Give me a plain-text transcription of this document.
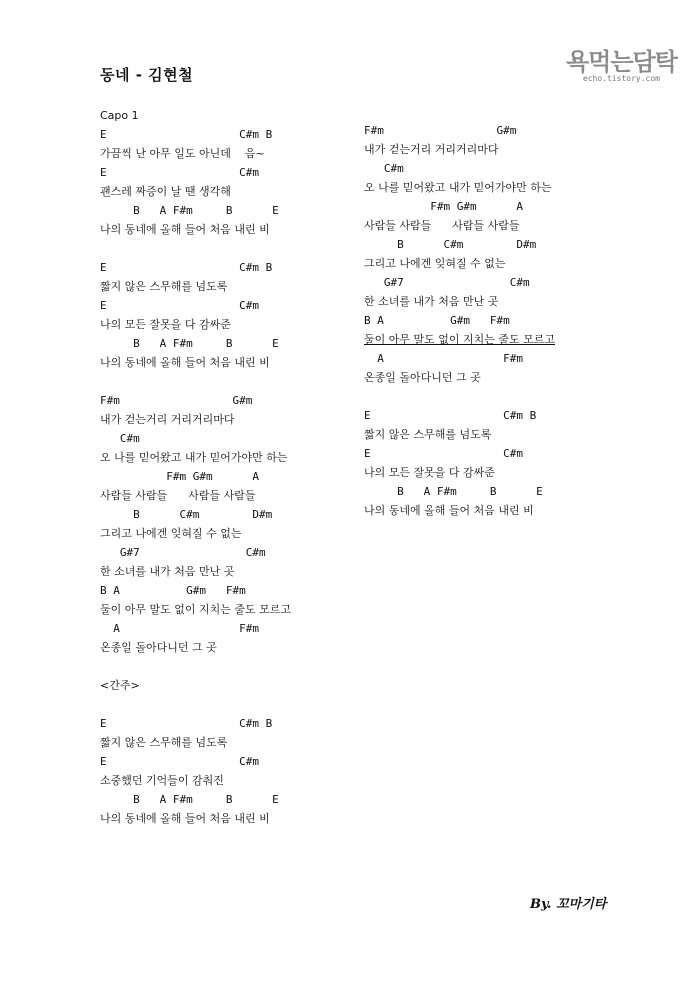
동네 - 김현철	욕먹는담탁
echo.tistory.com
Capo 1
E                    C#m B
가끔씩 난 아무 일도 아닌데    음~
E                    C#m
괜스레 짜증이 날 땐 생각해
B   A F#m     B      E
나의 동네에 올해 들어 처음 내린 비
E                    C#m B
짧지 않은 스무해를 넘도록
E                    C#m
나의 모든 잘못을 다 감싸준
B   A F#m     B      E
나의 동네에 올해 들어 처음 내린 비
F#m                 G#m
내가 걷는거리 거리거리마다
C#m
오 나를 믿어왔고 내가 믿어가야만 하는
F#m G#m      A
사람들 사람들      사람들 사람들
B      C#m        D#m
그리고 나에겐 잊혀질 수 없는
G#7                C#m
한 소녀를 내가 처음 만난 곳
B A          G#m   F#m
둘이 아무 말도 없이 지치는 줄도 모르고
A                  F#m
온종일 돌아다니던 그 곳
<간주>
E                    C#m B
짧지 않은 스무해를 넘도록
E                    C#m
소중했던 기억들이 감춰진
B   A F#m     B      E
나의 동네에 올해 들어 처음 내린 비
F#m                 G#m
내가 걷는거리 거리거리마다
C#m
오 나를 믿어왔고 내가 믿어가야만 하는
F#m G#m      A
사람들 사람들      사람들 사람들
B      C#m        D#m
그리고 나에겐 잊혀질 수 없는
G#7                C#m
한 소녀를 내가 처음 만난 곳
B A          G#m   F#m
둘이 아무 말도 없이 지치는 줄도 모르고
A                  F#m
온종일 돌아다니던 그 곳
E                    C#m B
짧지 않은 스무해를 넘도록
E                    C#m
나의 모든 잘못을 다 감싸준
B   A F#m     B      E
나의 동네에 올해 들어 처음 내린 비
By. 꼬마기타
